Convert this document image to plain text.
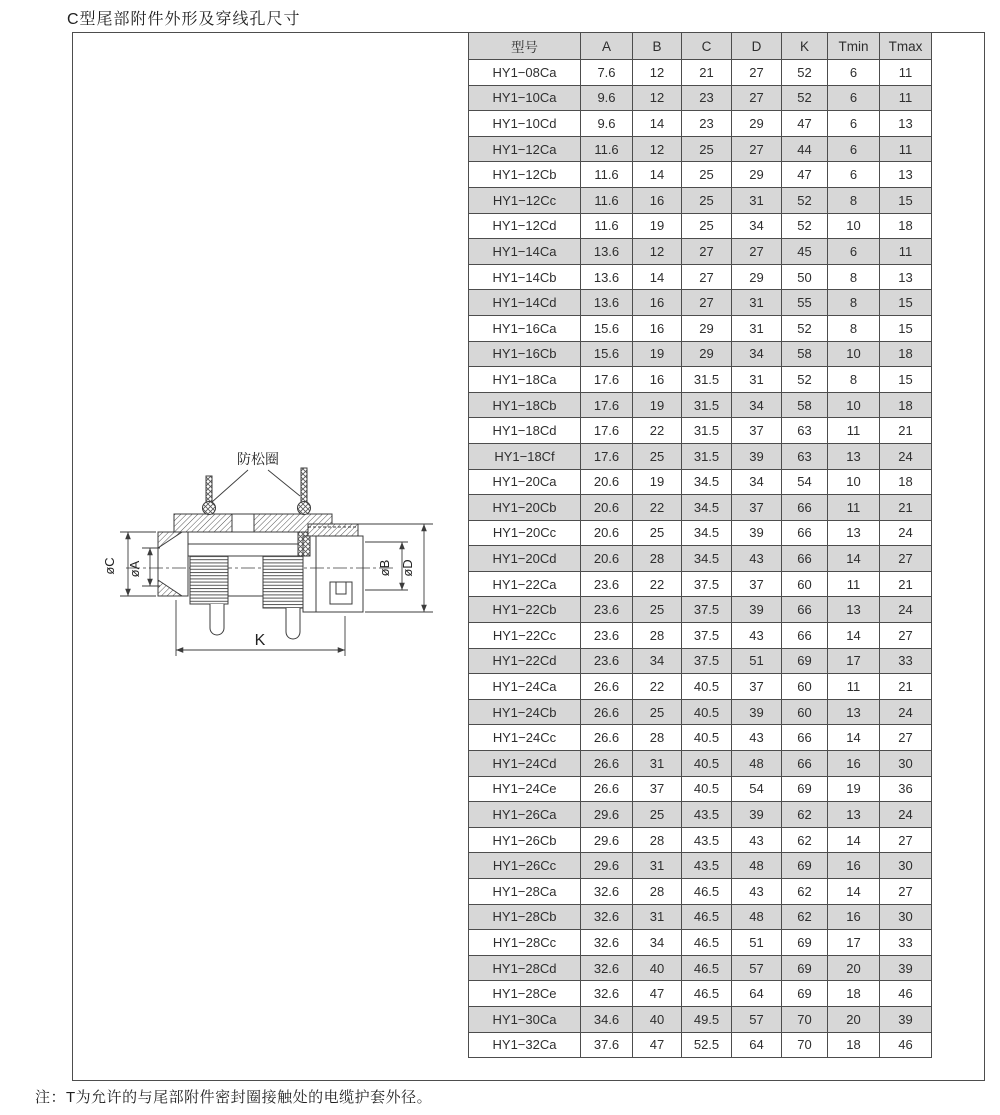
C型尾部附件外形及穿线孔尺寸
防松圈
øC øA	øB øD
K
型号	A	B	C	D	K	Tmin	Tmax
HY1−08Ca	7.6	12	21	27	52	6	11
HY1−10Ca	9.6	12	23	27	52	6	11
HY1−10Cd	9.6	14	23	29	47	6	13
HY1−12Ca	11.6	12	25	27	44	6	11
HY1−12Cb	11.6	14	25	29	47	6	13
HY1−12Cc	11.6	16	25	31	52	8	15
HY1−12Cd	11.6	19	25	34	52	10	18
HY1−14Ca	13.6	12	27	27	45	6	11
HY1−14Cb	13.6	14	27	29	50	8	13
HY1−14Cd	13.6	16	27	31	55	8	15
HY1−16Ca	15.6	16	29	31	52	8	15
HY1−16Cb	15.6	19	29	34	58	10	18
HY1−18Ca	17.6	16	31.5	31	52	8	15
HY1−18Cb	17.6	19	31.5	34	58	10	18
HY1−18Cd	17.6	22	31.5	37	63	11	21
HY1−18Cf	17.6	25	31.5	39	63	13	24
HY1−20Ca	20.6	19	34.5	34	54	10	18
HY1−20Cb	20.6	22	34.5	37	66	11	21
HY1−20Cc	20.6	25	34.5	39	66	13	24
HY1−20Cd	20.6	28	34.5	43	66	14	27
HY1−22Ca	23.6	22	37.5	37	60	11	21
HY1−22Cb	23.6	25	37.5	39	66	13	24
HY1−22Cc	23.6	28	37.5	43	66	14	27
HY1−22Cd	23.6	34	37.5	51	69	17	33
HY1−24Ca	26.6	22	40.5	37	60	11	21
HY1−24Cb	26.6	25	40.5	39	60	13	24
HY1−24Cc	26.6	28	40.5	43	66	14	27
HY1−24Cd	26.6	31	40.5	48	66	16	30
HY1−24Ce	26.6	37	40.5	54	69	19	36
HY1−26Ca	29.6	25	43.5	39	62	13	24
HY1−26Cb	29.6	28	43.5	43	62	14	27
HY1−26Cc	29.6	31	43.5	48	69	16	30
HY1−28Ca	32.6	28	46.5	43	62	14	27
HY1−28Cb	32.6	31	46.5	48	62	16	30
HY1−28Cc	32.6	34	46.5	51	69	17	33
HY1−28Cd	32.6	40	46.5	57	69	20	39
HY1−28Ce	32.6	47	46.5	64	69	18	46
HY1−30Ca	34.6	40	49.5	57	70	20	39
HY1−32Ca	37.6	47	52.5	64	70	18	46
注：T为允许的与尾部附件密封圈接触处的电缆护套外径。
